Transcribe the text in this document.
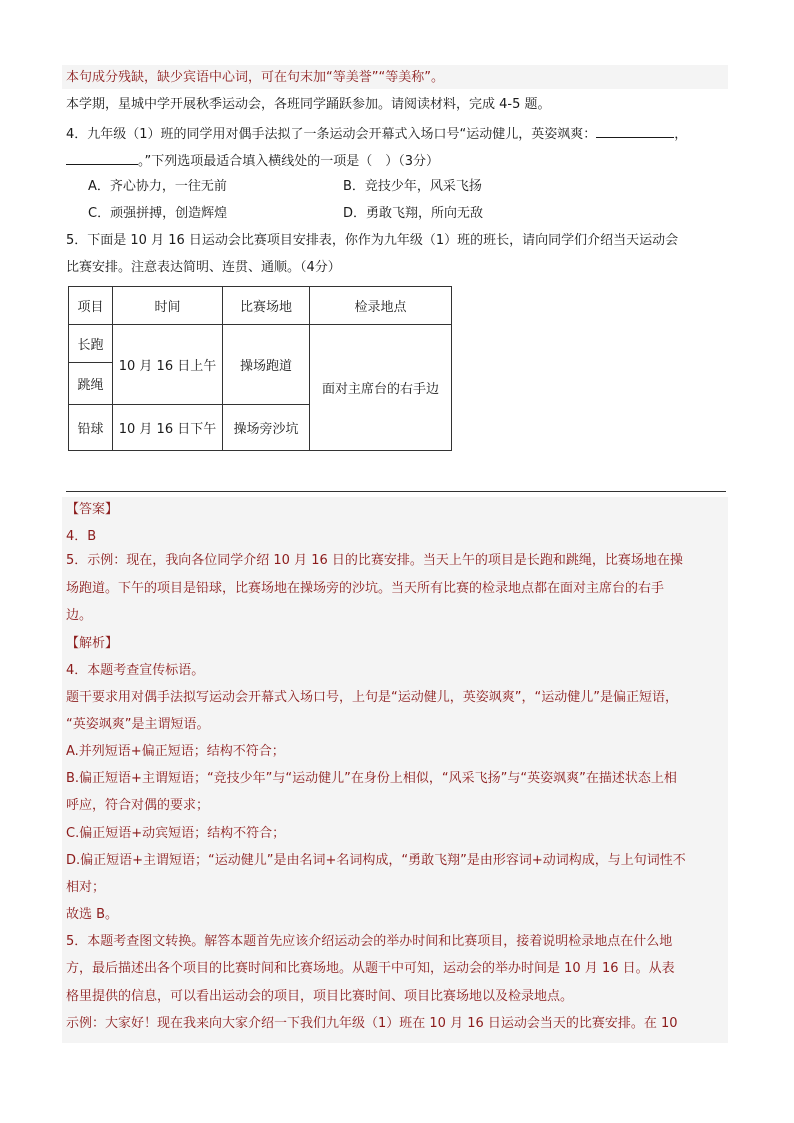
本句成分残缺，缺少宾语中心词，可在句末加“等美誉”“等美称”。
本学期，星城中学开展秋季运动会，各班同学踊跃参加。请阅读材料，完成 4-5 题。
4．九年级（1）班的同学用对偶手法拟了一条运动会开幕式入场口号“运动健儿，英姿飒爽：	，
。”下列选项最适合填入横线处的一项是（　）（3分）
A．齐心协力，一往无前	B．竞技少年，风采飞扬
C．顽强拼搏，创造辉煌	D．勇敢飞翔，所向无敌
5．下面是 10 月 16 日运动会比赛项目安排表，你作为九年级（1）班的班长，请向同学们介绍当天运动会
比赛安排。注意表达简明、连贯、通顺。（4分）
项目	时间	比赛场地	检录地点
长跑	10 月 16 日上午	操场跑道	面对主席台的右手边
跳绳			
铅球	10 月 16 日下午	操场旁沙坑	
【答案】
4．B
5．示例：现在，我向各位同学介绍 10 月 16 日的比赛安排。当天上午的项目是长跑和跳绳，比赛场地在操
场跑道。下午的项目是铅球，比赛场地在操场旁的沙坑。当天所有比赛的检录地点都在面对主席台的右手
边。
【解析】
4．本题考查宣传标语。
题干要求用对偶手法拟写运动会开幕式入场口号，上句是“运动健儿，英姿飒爽”，“运动健儿”是偏正短语，
“英姿飒爽”是主谓短语。
A.并列短语+偏正短语；结构不符合；
B.偏正短语+主谓短语；“竞技少年”与“运动健儿”在身份上相似，“风采飞扬”与“英姿飒爽”在描述状态上相
呼应，符合对偶的要求；
C.偏正短语+动宾短语；结构不符合；
D.偏正短语+主谓短语；“运动健儿”是由名词+名词构成，“勇敢飞翔”是由形容词+动词构成，与上句词性不
相对；
故选 B。
5．本题考查图文转换。解答本题首先应该介绍运动会的举办时间和比赛项目，接着说明检录地点在什么地
方，最后描述出各个项目的比赛时间和比赛场地。从题干中可知，运动会的举办时间是 10 月 16 日。从表
格里提供的信息，可以看出运动会的项目，项目比赛时间、项目比赛场地以及检录地点。
示例：大家好！现在我来向大家介绍一下我们九年级（1）班在 10 月 16 日运动会当天的比赛安排。在 10
